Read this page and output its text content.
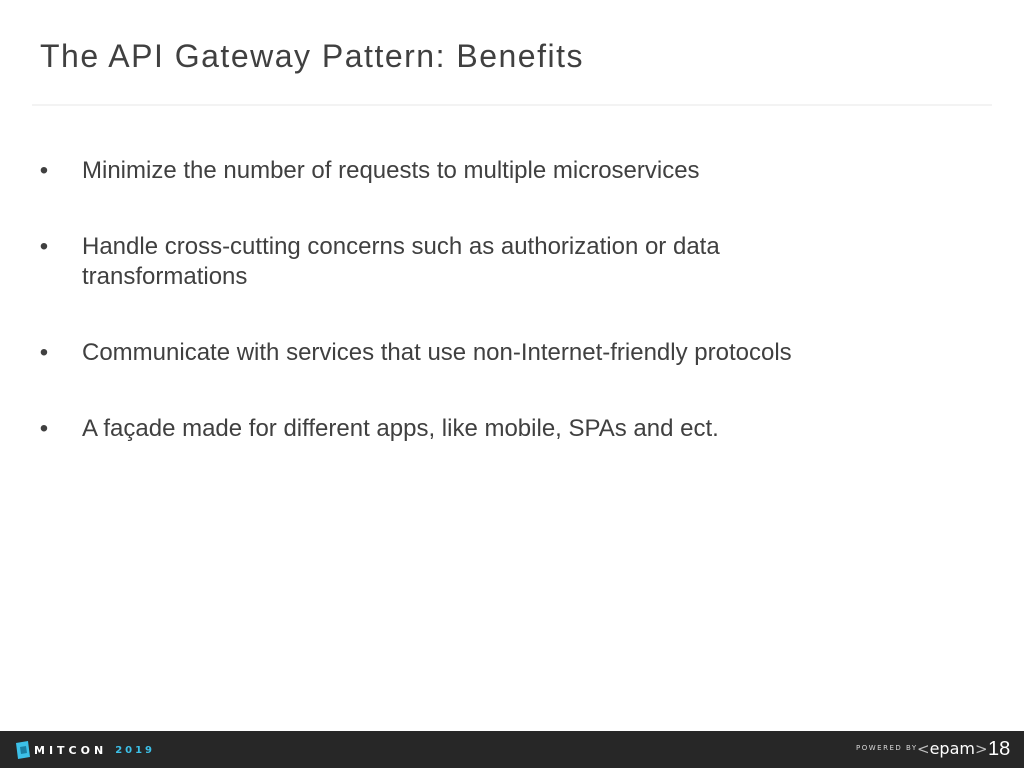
The API Gateway Pattern: Benefits
• Minimize the number of requests to multiple microservices
• Handle cross-cutting concerns such as authorization or data
transformations
• Communicate with services that use non-Internet-friendly protocols
• A façade made for different apps, like mobile, SPAs and ect.
MITCON 2019	POWERED BY <epam> 18
